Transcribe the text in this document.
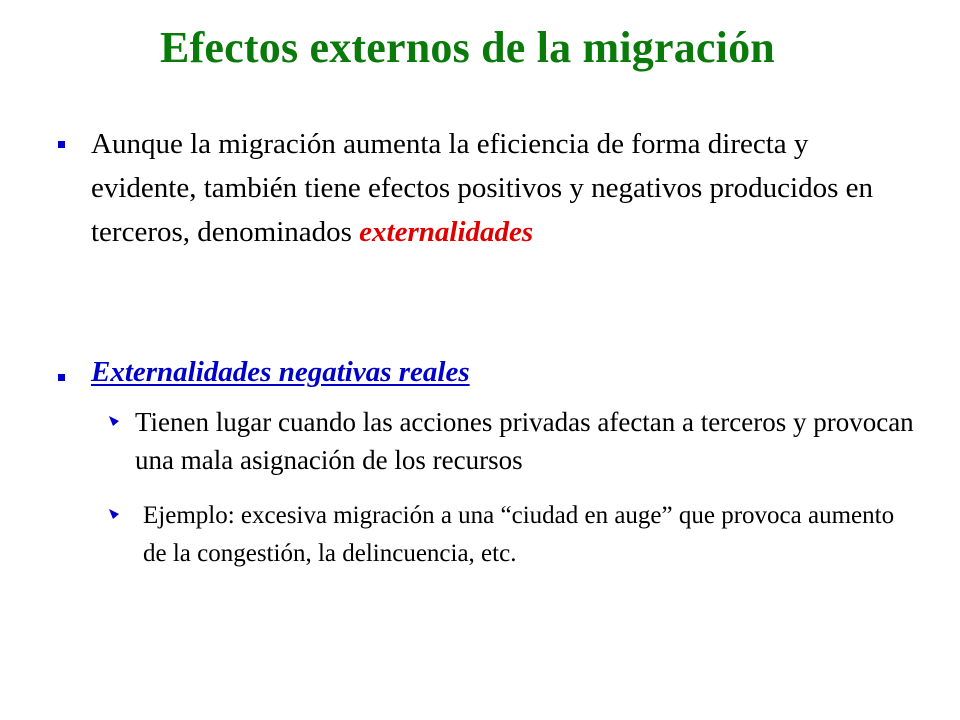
Efectos externos de la migración
Aunque la migración aumenta la eficiencia de forma directa y evidente, también tiene efectos positivos y negativos producidos en terceros, denominados externalidades
Externalidades negativas reales
Tienen lugar cuando las acciones privadas afectan a terceros y provocan una mala asignación de los recursos
Ejemplo: excesiva migración a una “ciudad en auge” que provoca aumento de la congestión, la delincuencia, etc.
